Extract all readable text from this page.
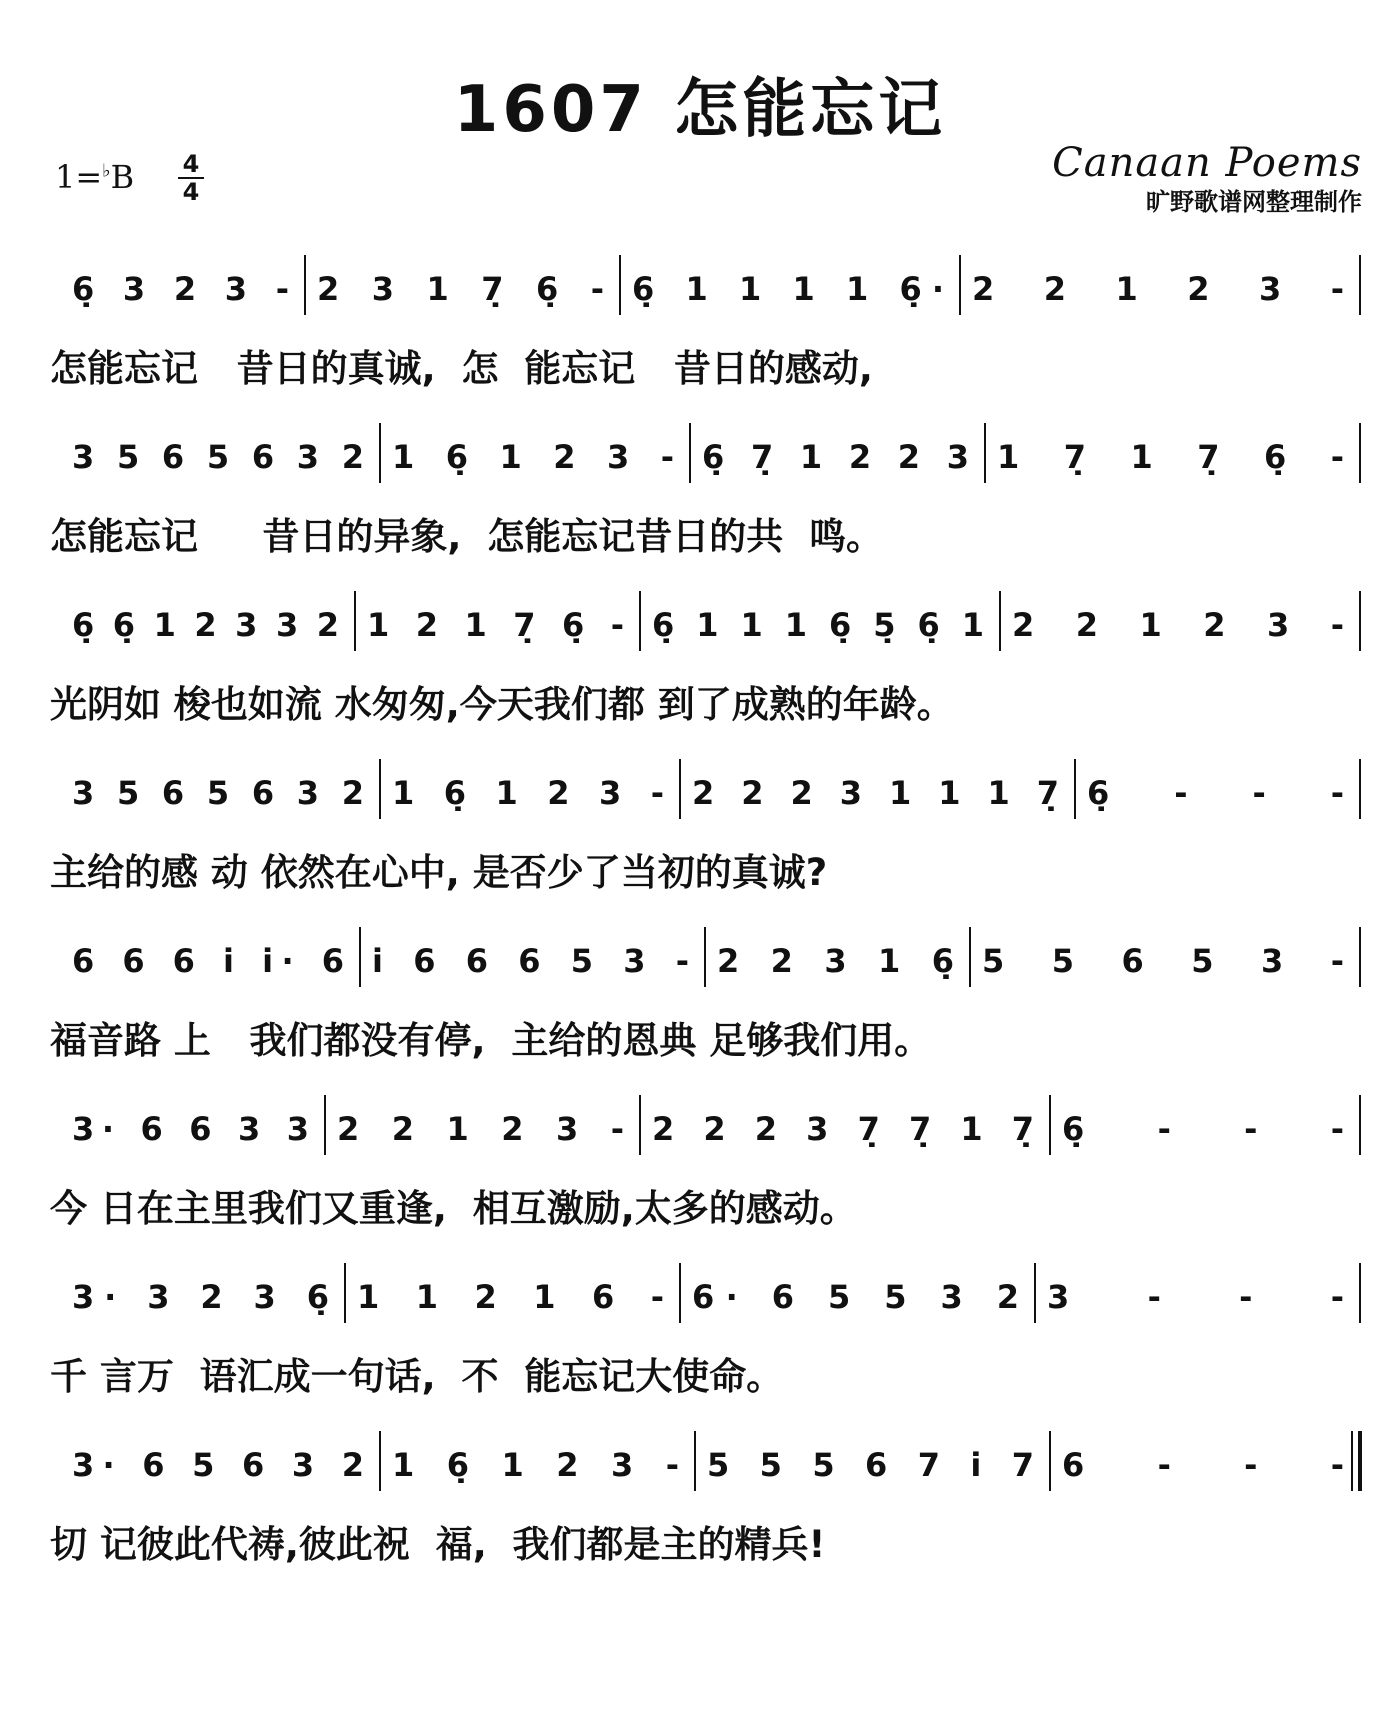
1607 怎能忘记
1=♭B 4
4
Canaan Poems
旷野歌谱网整理制作
6̣ 3 2 3 - 2 3 1 7̣ 6̣ - 6̣ 1 1 1 1 6̣· 2 2 1 2 3 -
3 5 6 5 6 3 2 1 6̣ 1 2 3 - 6̣ 7̣ 1 2 2 3 1 7̣ 1 7̣ 6̣ -
6̣ 6̣ 1 2 3 3 2 1 2 1 7̣ 6̣ - 6̣ 1 1 1 6̣ 5̣ 6̣ 1 2 2 1 2 3 -
3 5 6 5 6 3 2 1 6̣ 1 2 3 - 2 2 2 3 1 1 1 7̣ 6̣ - - -
6 6 6 i̇ i̇· 6 i̇ 6 6 6 5 3 - 2 2 3 1 6̣ 5 5 6 5 3 -
3· 6 6 3 3 2 2 1 2 3 - 2 2 2 3 7̣ 7̣ 1 7̣ 6̣ - - -
3· 3 2 3 6̣ 1 1 2 1 6 - 6· 6 5 5 3 2 3 - - -
3· 6 5 6 3 2 1 6̣ 1 2 3 - 5 5 5 6 7 i̇ 7 6 - - -
怎能忘记   昔日的真诚,  怎  能忘记   昔日的感动,
怎能忘记     昔日的异象,  怎能忘记昔日的共  鸣。
光阴如 梭也如流 水匆匆,今天我们都 到了成熟的年龄。
主给的感 动 依然在心中, 是否少了当初的真诚?
福音路 上   我们都没有停,  主给的恩典 足够我们用。
今 日在主里我们又重逢,  相互激励,太多的感动。
千 言万  语汇成一句话,  不  能忘记大使命。
切 记彼此代祷,彼此祝  福,  我们都是主的精兵!
